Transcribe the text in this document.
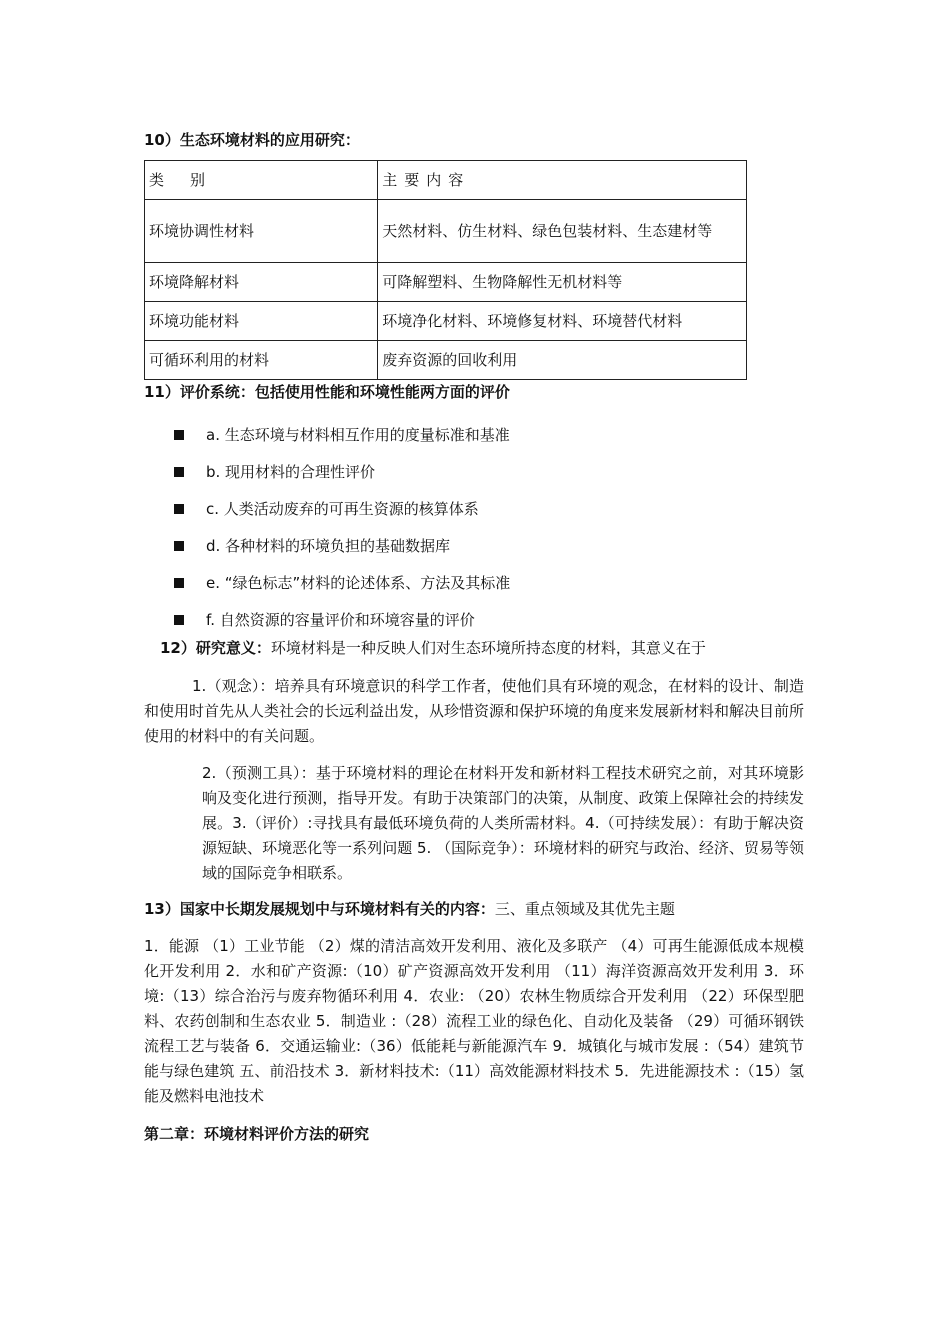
10）生态环境材料的应用研究：
类别	主要内容
环境协调性材料	天然材料、仿生材料、绿色包装材料、生态建材等
环境降解材料	可降解塑料、生物降解性无机材料等
环境功能材料	环境净化材料、环境修复材料、环境替代材料
可循环利用的材料	废弃资源的回收利用
11）评价系统：包括使用性能和环境性能两方面的评价
a. 生态环境与材料相互作用的度量标准和基准
b. 现用材料的合理性评价
c. 人类活动废弃的可再生资源的核算体系
d. 各种材料的环境负担的基础数据库
e. “绿色标志”材料的论述体系、方法及其标准
f. 自然资源的容量评价和环境容量的评价
12）研究意义：环境材料是一种反映人们对生态环境所持态度的材料，其意义在于
1.（观念）：培养具有环境意识的科学工作者，使他们具有环境的观念，在材料的设计、制造和使用时首先从人类社会的长远利益出发，从珍惜资源和保护环境的角度来发展新材料和解决目前所使用的材料中的有关问题。
2.（预测工具）：基于环境材料的理论在材料开发和新材料工程技术研究之前，对其环境影响及变化进行预测，指导开发。有助于决策部门的决策，从制度、政策上保障社会的持续发展。3.（评价）:寻找具有最低环境负荷的人类所需材料。4.（可持续发展）：有助于解决资源短缺、环境恶化等一系列问题 5. （国际竞争）：环境材料的研究与政治、经济、贸易等领域的国际竞争相联系。
13）国家中长期发展规划中与环境材料有关的内容：三、重点领域及其优先主题
1．能源 （1）工业节能 （2）煤的清洁高效开发利用、液化及多联产 （4）可再生能源低成本规模化开发利用 2．水和矿产资源:（10）矿产资源高效开发利用 （11）海洋资源高效开发利用 3．环境:（13）综合治污与废弃物循环利用 4．农业: （20）农林生物质综合开发利用 （22）环保型肥料、农药创制和生态农业 5．制造业 :（28）流程工业的绿色化、自动化及装备 （29）可循环钢铁流程工艺与装备 6．交通运输业:（36）低能耗与新能源汽车 9．城镇化与城市发展 :（54）建筑节能与绿色建筑 五、前沿技术 3．新材料技术:（11）高效能源材料技术 5．先进能源技术 :（15）氢能及燃料电池技术
第二章：环境材料评价方法的研究
